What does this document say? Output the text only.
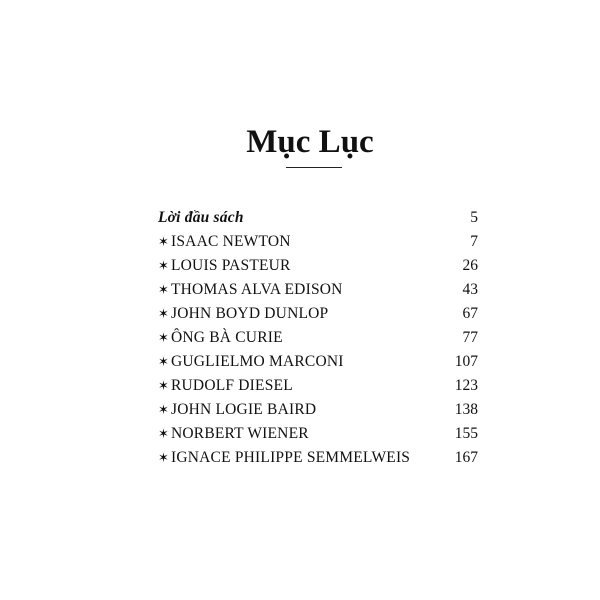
Mục Lục
Lời đầu sách	5
✶ ISAAC NEWTON	7
✶ LOUIS PASTEUR	26
✶ THOMAS ALVA EDISON	43
✶ JOHN BOYD DUNLOP	67
✶ ÔNG BÀ CURIE	77
✶ GUGLIELMO MARCONI	107
✶ RUDOLF DIESEL	123
✶ JOHN LOGIE BAIRD	138
✶ NORBERT WIENER	155
✶ IGNACE PHILIPPE SEMMELWEIS	167
